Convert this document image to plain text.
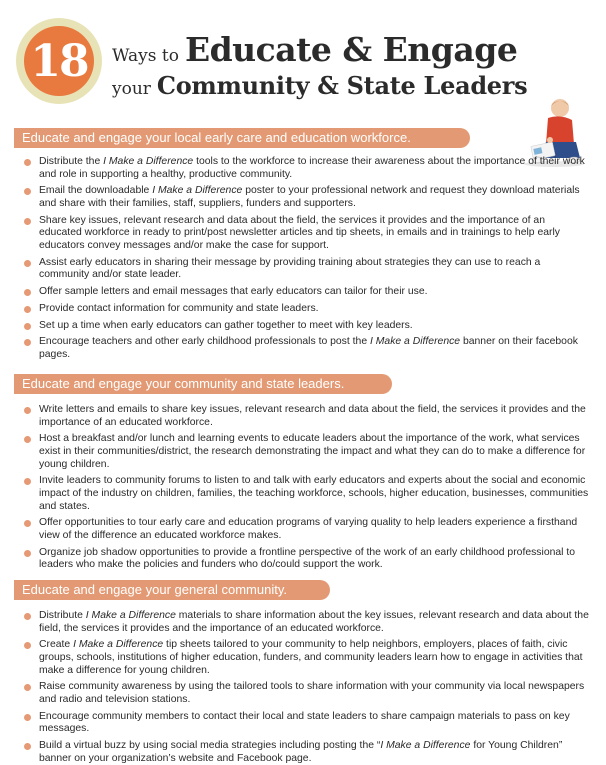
18	Ways to Educate & Engage
your Community & State Leaders
Educate and engage your local early care and education workforce.
Distribute the I Make a Difference tools to the workforce to increase their awareness about the importance of their work and role in supporting a healthy, productive community.
Email the downloadable I Make a Difference poster to your professional network and request they download materials and share with their families, staff, suppliers, funders and supporters.
Share key issues, relevant research and data about the field, the services it provides and the importance of an educated workforce in ready to print/post newsletter articles and tip sheets, in emails and in trainings to help early educators convey messages and/or make the case for support.
Assist early educators in sharing their message by providing training about strategies they can use to reach a community and/or state leader.
Offer sample letters and email messages that early educators can tailor for their use.
Provide contact information for community and state leaders.
Set up a time when early educators can gather together to meet with key leaders.
Encourage teachers and other early childhood professionals to post the I Make a Difference banner on their facebook pages.
Educate and engage your community and state leaders.
Write letters and emails to share key issues, relevant research and data about the field, the services it provides and the importance of an educated workforce.
Host a breakfast and/or lunch and learning events to educate leaders about the importance of the work, what services exist in their communities/district, the research demonstrating the impact and what they can do to make a difference for young children.
Invite leaders to community forums to listen to and talk with early educators and experts about the social and economic impact of the industry on children, families, the teaching workforce, schools, higher education, businesses, communities and states.
Offer opportunities to tour early care and education programs of varying quality to help leaders experience a firsthand view of the difference an educated workforce makes.
Organize job shadow opportunities to provide a frontline perspective of the work of an early childhood professional to leaders who make the policies and funders who do/could support the work.
Educate and engage your general community.
Distribute I Make a Difference materials to share information about the key issues, relevant research and data about the field, the services it provides and the importance of an educated workforce.
Create I Make a Difference tip sheets tailored to your community to help neighbors, employers, places of faith, civic groups, schools, institutions of higher education, funders, and community leaders learn how to engage in activities that make a difference for young children.
Raise community awareness by using the tailored tools to share information with your community via local newspapers and radio and television stations.
Encourage community members to contact their local and state leaders to share campaign materials to pass on key messages.
Build a virtual buzz by using social media strategies including posting the “I Make a Difference for Young Children” banner on your organization’s website and Facebook page.
